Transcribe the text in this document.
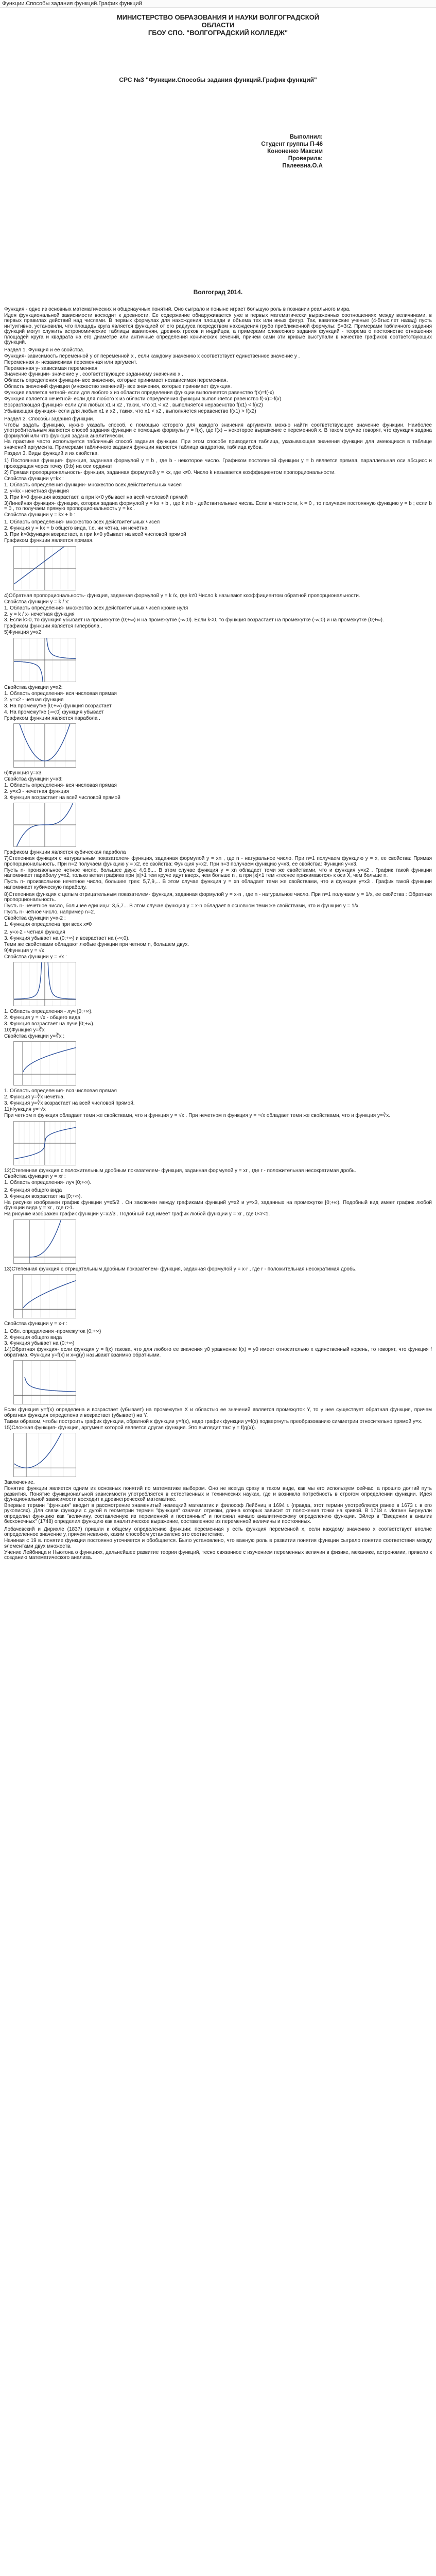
Функции.Способы задания функций.График функций
МИНИСТЕРСТВО ОБРАЗОВАНИЯ И НАУКИ ВОЛГОГРАДСКОЙ
ОБЛАСТИ
ГБОУ СПО. "ВОЛГОГРАДСКИЙ КОЛЛЕДЖ"
СРС №3 "Функции.Способы задания функций.График функций"
Выполнил:
Студент группы П-46
Кононенко Максим
Проверила:
Палеевна.О.А
Волгоград 2014.

Функция - одно из основных математических и общенаучных понятий. Оно сыграло и поныне играет большую роль в познании реального мира.

Идея функциональной зависимости восходит к древности. Ее содержание обнаруживается уже в первых математически выраженных соотношениях между величинами, в первых правилах действий над числами. В первых формулах для нахождения площади и объема тех или иных фигур. Так, вавилонские ученые (4-5тыс.лет назад) пусть интуитивно, установили, что площадь круга является функцией от его радиуса посредством нахождения грубо приближенной формулы: S=3r2. Примерами табличного задания функций могут служить астрономические таблицы вавилонян, древних греков и индийцев, а примерами словесного задания функций - теорема о постоянстве отношения площадей круга и квадрата на его диаметре или античные определения конических сечений, причем сами эти кривые выступали в качестве графиков соответствующих функций.

Раздел 1. Функция и ее свойства.

Функция- зависимость переменной у от переменной х , если каждому значению х соответствует единственное значение у .

Переменная х- независимая переменная или аргумент.

Переменная у- зависимая переменная

Значение функции- значение у , соответствующее заданному значению х .

Область определения функции- все значения, которые принимает независимая переменная.

Область значений функции (множество значений)- все значения, которые принимает функция.

Функция является четной- если для любого х из области определения функции выполняется равенство f(x)=f(-x)

Функция является нечетной- если для любого х из области определения функции выполняется равенство f(-x)=-f(x)

Возрастающая функция- если для любых х1 и х2 , таких, что х1 < х2 , выполняется неравенство f(x1) < f(x2)

Убывающая функция- если для любых х1 и х2 , таких, что х1 < х2 , выполняется неравенство f(x1) > f(x2)

Раздел 2. Способы задания функции.

Чтобы задать функцию, нужно указать способ, с помощью которого для каждого значения аргумента можно найти соответствующее значение функции. Наиболее употребительным является способ задания функции с помощью формулы у = f(x), где f(x) – некоторое выражение с переменной х. В таком случае говорят, что функция задана формулой или что функция задана аналитически.

На практике часто используется табличный способ задания функции. При этом способе приводится таблица, указывающая значения функции для имеющихся в таблице значений аргумента. Примерами табличного задания функции является таблица квадратов, таблица кубов.

Раздел 3. Виды функций и их свойства.

1) Постоянная функция- функция, заданная формулой у = b , где b - некоторое число. Графиком постоянной функции у = b является прямая, параллельная оси абсцисс и проходящая через точку (0;b) на оси ординат

2) Прямая пропорциональность- функция, заданная формулой у = kx, где k≠0. Число k называется коэффициентом пропорциональности.

Свойства функции y=kx :

1. Область определения функции- множество всех действительных чисел

2. y=kx - нечетная функция

3. При k>0 функция возрастает, а при k<0 убывает на всей числовой прямой

3)Линейная функция- функция, которая задана формулой у = kx + b , где k и b - действительные числа. Если в частности, k = 0 , то получаем постоянную функцию у = b ; если b = 0 , то получаем прямую пропорциональность у = kx .

Свойства функции у = kx + b :

1. Область определения- множество всех действительных чисел

2. Функция у = kx + b общего вида, т.е. ни чётна, ни нечётна.

3. При k>0функция возрастает, а при k<0 убывает на всей числовой прямой

Графиком функции является прямая.

4)Обратная пропорциональность- функция, заданная формулой у = k /x, где k≠0 Число k называют коэффициентом обратной пропорциональности.

Свойства функции у = k / x:

1. Область определения- множество всех действительных чисел кроме нуля

2. у = k / x- нечетная функция

3. Если k>0, то функция убывает на промежутке (0;+∞) и на промежутке (-∞;0). Если k<0, то функция возрастает на промежутке (-∞;0) и на промежутке (0;+∞).

Графиком функции является гипербола .

5)Функция у=x2

Свойства функции у=x2:

1. Область определения- вся числовая прямая

2. у=x2 - четная функция

3. На промежутке [0;+∞) функция возрастает

4. На промежутке (-∞;0] функция убывает

Графиком функции является парабола .

6)Функция у=x3

Свойства функции у=x3:

1. Область определения- вся числовая прямая

2. у=x3 - нечетная функция

3. Функция возрастает на всей числовой прямой

Графиком функции является кубическая парабола

7)Степенная функция с натуральным показателем- функция, заданная формулой у = xn , где n - натуральное число. При n=1 получаем функцию у = x, ее свойства: Прямая пропорциональность. При n=2 получаем функцию у = x2, ее свойства: Функция у=x2. При n=3 получаем функцию у=x3, ее свойства: Функция у=x3.

Пусть n- произвольное четное число, большее двух: 4,6,8,... В этом случае функция у = xn обладает теми же свойствами, что и функция у=x2 . График такой функции напоминает параболу у=x2, только ветви графика при |x|>1 тем круче идут вверх, чем больше n , а при |x|<1 тем «теснее прижимаются» к оси Х, чем больше n.

Пусть n- произвольное нечетное число, большее трех: 5,7,9,... В этом случае функция у = xn обладает теми же свойствами, что и функция у=x3 . График такой функции напоминает кубическую параболу.

8)Степенная функция с целым отрицательным показателем- функция, заданная формулой у = x-n , где n - натуральное число. При n=1 получаем у = 1/х, ее свойства : Обратная пропорциональность.

Пусть n- нечетное число, большее единицы: 3,5,7... В этом случае функция у = x-n обладает в основном теми же свойствами, что и функция у = 1/х.

Пусть n- четное число, например n=2.

Свойства функции у=x-2 :

1. Функция определена при всех x≠0

2. у=x-2 - четная функция

3. Функция убывает на (0;+∞) и возрастает на (-∞;0).

Теми же свойствами обладают любые функции при четном n, большем двух.

9)Функция у = √х

Свойства функции у = √х :

1. Область определения - луч [0;+∞).

2. Функция у = √х - общего вида

3. Функция возрастает на луче [0;+∞).

10)Функция у=∛х

Свойства функции у=∛х :

1. Область определения- вся числовая прямая

2. Функция у=∛х нечетна.

3. Функция у=∛х возрастает на всей числовой прямой.

11)Функция у=ⁿ√х

При четном n функция обладает теми же свойствами, что и функция у = √х . При нечетном n функция у = ⁿ√х обладает теми же свойствами, что и функция у=∛х.

12)Степенная функция с положительным дробным показателем- функция, заданная формулой у = xr , где r - положительная несократимая дробь.

Свойства функции у = xr :

1. Область определения- луч [0;+∞).

2. Функция общего вида

3. Функция возрастает на [0;+∞).

На рисунке изображен график функции у=x5/2 . Он заключен между графиками функций у=x2 и у=x3, заданных на промежутке [0;+∞). Подобный вид имеет график любой функции вида у = xr , где r>1.

На рисунке изображен график функции у=x2/3 . Подобный вид имеет график любой функции у = xr , где 0<r<1.

13)Степенная функция с отрицательным дробным показателем- функция, заданная формулой у = x-r , где r - положительная несократимая дробь.

Свойства функции у = x-r :

1. Обл. определения -промежуток (0;+∞)

2. Функция общего вида

3. Функция убывает на (0;+∞)

14)Обратная функция- если функция у = f(x) такова, что для любого ее значения у0 уравнение f(x) = у0 имеет относительно х единственный корень, то говорят, что функция f обратима. Функции у=f(x) и х=g(y) называют взаимно обратными.

Если функция у=f(x) определена и возрастает (убывает) на промежутке Х и областью ее значений является промежуток Y, то у нее существует обратная функция, причем обратная функция определена и возрастает (убывает) на Y.

Таким образом, чтобы построить график функции, обратной к функции у=f(x), надо график функции у=f(x) подвергнуть преобразованию симметрии относительно прямой у=х.

15)Сложная функция- функция, аргумент которой является другая функция. Это выглядит так: у = f(g(x)).

Заключение.

Понятие функции является одним из основных понятий по математике выбором. Оно не всегда сразу в таком виде, как мы его используем сейчас, а прошло долгий путь развития. Понятие функциональной зависимости употребляется в естественных и технических науках, где и возникла потребность в строгом определении функции. Идея функциональной зависимости восходит к древнегреческой математике.

Впервые термин "функция" вводит в рассмотрение знаменитый немецкий математик и философ Лейбниц в 1694 г. (правда, этот термин употреблялся ранее в 1673 г. в его рукописях). Для связи функции с дугой в геометрии термин "функция" означал отрезки, длина которых зависит от положения точки на кривой. В 1718 г. Иоганн Бернулли определил функцию как "величину, составленную из переменной и постоянных" и положил начало аналитическому определению функции. Эйлер в "Введении в анализ бесконечных" (1748) определил функцию как аналитическое выражение, составленное из переменной величины и постоянных.

Лобачевский и Дирихле (1837) пришли к общему определению функции: переменная у есть функция переменной х, если каждому значению х соответствует вполне определенное значение у, причем неважно, каким способом установлено это соответствие.

Начиная с 19 в. понятие функции постоянно уточняется и обобщается. Было установлено, что важную роль в развитии понятия функции сыграло понятие соответствия между элементами двух множеств.

Учение Лейбница и Ньютона о функциях, дальнейшее развитие теории функций, тесно связанное с изучением переменных величин в физике, механике, астрономии, привело к созданию математического анализа.
